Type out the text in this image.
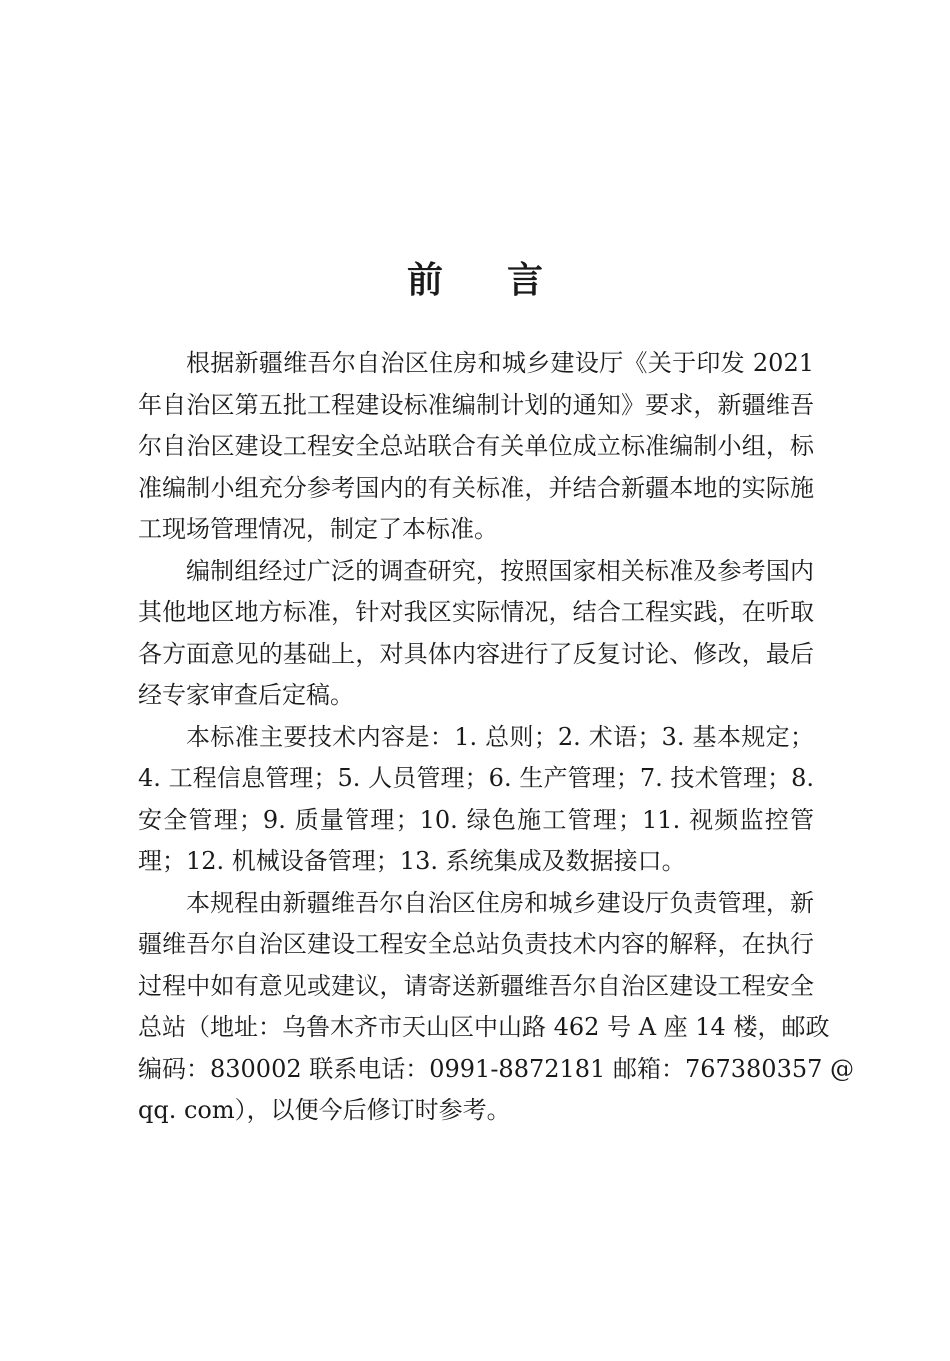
前 言
根据新疆维吾尔自治区住房和城乡建设厅《关于印发 2021
年自治区第五批工程建设标准编制计划的通知》要求，新疆维吾
尔自治区建设工程安全总站联合有关单位成立标准编制小组，标
准编制小组充分参考国内的有关标准，并结合新疆本地的实际施
工现场管理情况，制定了本标准。
编制组经过广泛的调查研究，按照国家相关标准及参考国内
其他地区地方标准，针对我区实际情况，结合工程实践，在听取
各方面意见的基础上，对具体内容进行了反复讨论、修改，最后
经专家审查后定稿。
本标准主要技术内容是：1. 总则；2. 术语；3. 基本规定；
4. 工程信息管理；5. 人员管理；6. 生产管理；7. 技术管理；8.
安全管理；9. 质量管理；10. 绿色施工管理；11. 视频监控管
理；12. 机械设备管理；13. 系统集成及数据接口。
本规程由新疆维吾尔自治区住房和城乡建设厅负责管理，新
疆维吾尔自治区建设工程安全总站负责技术内容的解释，在执行
过程中如有意见或建议，请寄送新疆维吾尔自治区建设工程安全
总站（地址：乌鲁木齐市天山区中山路 462 号 A 座 14 楼，邮政
编码：830002 联系电话：0991-8872181 邮箱：767380357 @
qq. com），以便今后修订时参考。
